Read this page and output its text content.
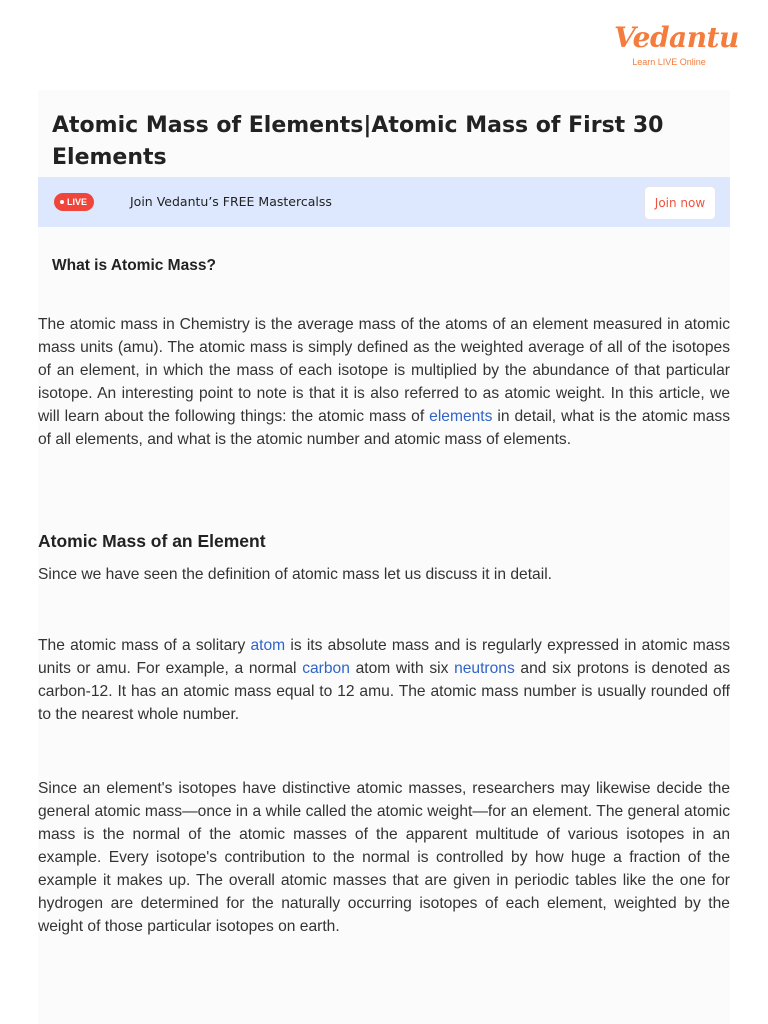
Vedantu
Learn LIVE Online
Atomic Mass of Elements|Atomic Mass of First 30 Elements
LIVE	Join Vedantu’s FREE Mastercalss	Join now
What is Atomic Mass?

The atomic mass in Chemistry is the average mass of the atoms of an element measured in atomic mass units (amu). The atomic mass is simply defined as the weighted average of all of the isotopes of an element, in which the mass of each isotope is multiplied by the abundance of that particular isotope. An interesting point to note is that it is also referred to as atomic weight. In this article, we will learn about the following things: the atomic mass of elements in detail, what is the atomic mass of all elements, and what is the atomic number and atomic mass of elements.

Atomic Mass of an Element

Since we have seen the definition of atomic mass let us discuss it in detail.

The atomic mass of a solitary atom is its absolute mass and is regularly expressed in atomic mass units or amu. For example, a normal carbon atom with six neutrons and six protons is denoted as carbon-12. It has an atomic mass equal to 12 amu. The atomic mass number is usually rounded off to the nearest whole number.

Since an element's isotopes have distinctive atomic masses, researchers may likewise decide the general atomic mass—once in a while called the atomic weight—for an element. The general atomic mass is the normal of the atomic masses of the apparent multitude of various isotopes in an example. Every isotope's contribution to the normal is controlled by how huge a fraction of the example it makes up. The overall atomic masses that are given in periodic tables like the one for hydrogen are determined for the naturally occurring isotopes of each element, weighted by the weight of those particular isotopes on earth.
